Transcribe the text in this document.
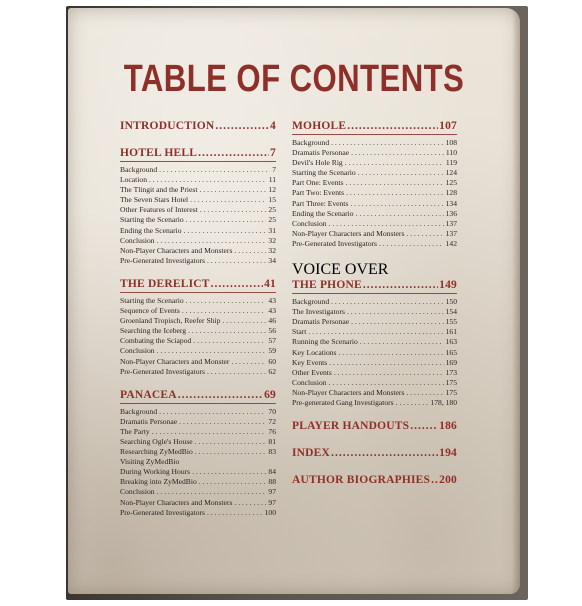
TABLE OF CONTENTS
INTRODUCTION .....	4
HOTEL HELL .....	7
Background . . .	7
Location . . .	11
The Tlingit and the Priest . . .	12
The Seven Stars Hotel . . .	15
Other Features of Interest . . .	25
Starting the Scenario . . .	25
Ending the Scenario . . .	31
Conclusion . . .	32
Non-Player Characters and Monsters . . .	32
Pre-Generated Investigators . . .	34
THE DERELICT .....	41
Starting the Scenario . . .	43
Sequence of Events . . .	43
Groenland Tropisch, Reefer Ship . . .	46
Searching the Iceberg . . .	56
Combating the Sciapod . . .	57
Conclusion . . .	59
Non-Player Characters and Monster . . .	60
Pre-Generated Investigators . . .	62
PANACEA .....	69
Background . . .	70
Dramatis Personae . . .	72
The Party . . .	76
Searching Ogle's House . . .	81
Researching ZyMedBio . . .	83
Visiting ZyMedBio
During Working Hours . . .	84
Breaking into ZyMedBio . . .	88
Conclusion . . .	97
Non-Player Characters and Monsters . . .	97
Pre-Generated Investigators . . .	100
MOHOLE .....	107
Background . . .	108
Dramatis Personae . . .	110
Devil's Hole Rig . . .	119
Starting the Scenario . . .	124
Part One: Events . . .	125
Part Two: Events . . .	128
Part Three: Events . . .	134
Ending the Scenario . . .	136
Conclusion . . .	137
Non-Player Characters and Monsters . . .	137
Pre-Generated Investigators . . .	142
VOICE OVER
THE PHONE .....	149
Background . . .	150
The Investigators . . .	154
Dramatis Personae . . .	155
Start . . .	161
Running the Scenario . . .	163
Key Locations . . .	165
Key Events . . .	169
Other Events . . .	173
Conclusion . . .	175
Non-Player Characters and Monsters . . .	175
Pre-generated Gang Investigators . . .	178, 180
PLAYER HANDOUTS .....	186
INDEX .....	194
AUTHOR BIOGRAPHIES ..... 200
